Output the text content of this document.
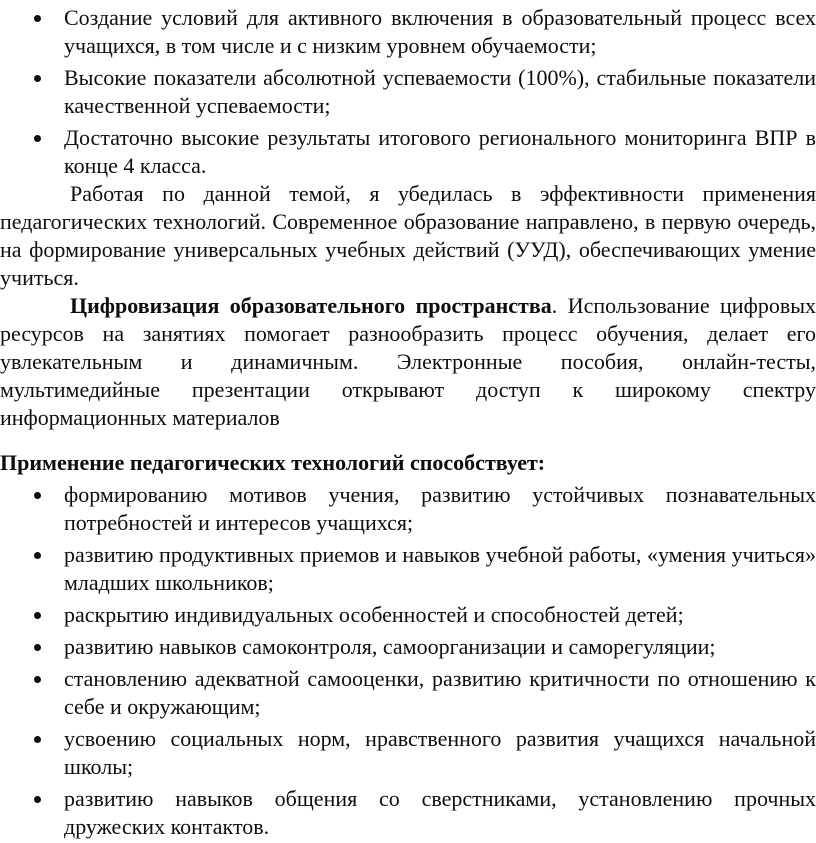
Создание условий для активного включения в образовательный процесс всех учащихся, в том числе и с низким уровнем обучаемости;
Высокие показатели абсолютной успеваемости (100%), стабильные показатели качественной успеваемости;
Достаточно высокие результаты итогового регионального мониторинга ВПР в конце 4 класса.

Работая по данной темой, я убедилась в эффективности применения педагогических технологий. Современное образование направлено, в первую очередь, на формирование универсальных учебных действий (УУД), обеспечивающих умение учиться.

Цифровизация образовательного пространства. Использование цифровых ресурсов на занятиях помогает разнообразить процесс обучения, делает его увлекательным и динамичным. Электронные пособия, онлайн-тесты, мультимедийные презентации открывают доступ к широкому спектру информационных материалов

Применение педагогических технологий способствует:

формированию мотивов учения, развитию устойчивых познавательных потребностей и интересов учащихся;
развитию продуктивных приемов и навыков учебной работы, «умения учиться» младших школьников;
раскрытию индивидуальных особенностей и способностей детей;
развитию навыков самоконтроля, самоорганизации и саморегуляции;
становлению адекватной самооценки, развитию критичности по отношению к себе и окружающим;
усвоению социальных норм, нравственного развития учащихся начальной школы;
развитию навыков общения со сверстниками, установлению прочных дружеских контактов.
